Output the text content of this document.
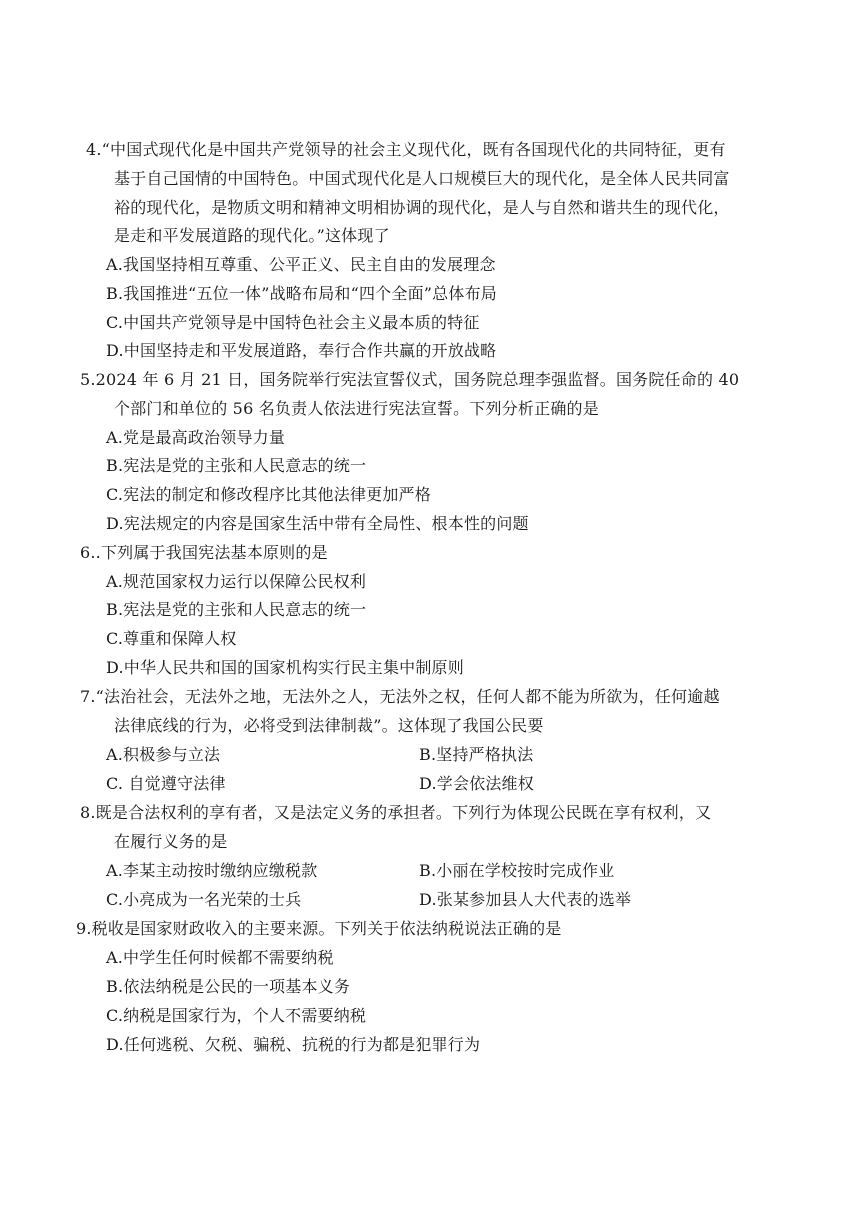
4.“中国式现代化是中国共产党领导的社会主义现代化，既有各国现代化的共同特征，更有
基于自己国情的中国特色。中国式现代化是人口规模巨大的现代化，是全体人民共同富
裕的现代化，是物质文明和精神文明相协调的现代化，是人与自然和谐共生的现代化，
是走和平发展道路的现代化。”这体现了
A.我国坚持相互尊重、公平正义、民主自由的发展理念
B.我国推进“五位一体”战略布局和“四个全面”总体布局
C.中国共产党领导是中国特色社会主义最本质的特征
D.中国坚持走和平发展道路，奉行合作共赢的开放战略
5.2024 年 6 月 21 日，国务院举行宪法宣誓仪式，国务院总理李强监督。国务院任命的 40
个部门和单位的 56 名负责人依法进行宪法宣誓。下列分析正确的是
A.党是最高政治领导力量
B.宪法是党的主张和人民意志的统一
C.宪法的制定和修改程序比其他法律更加严格
D.宪法规定的内容是国家生活中带有全局性、根本性的问题
6..下列属于我国宪法基本原则的是
A.规范国家权力运行以保障公民权利
B.宪法是党的主张和人民意志的统一
C.尊重和保障人权
D.中华人民共和国的国家机构实行民主集中制原则
7.“法治社会，无法外之地，无法外之人，无法外之权，任何人都不能为所欲为，任何逾越
法律底线的行为，必将受到法律制裁”。这体现了我国公民要
A.积极参与立法	B.坚持严格执法
C. 自觉遵守法律	D.学会依法维权
8.既是合法权利的享有者，又是法定义务的承担者。下列行为体现公民既在享有权利，又
在履行义务的是
A.李某主动按时缴纳应缴税款	B.小丽在学校按时完成作业
C.小亮成为一名光荣的士兵	D.张某参加县人大代表的选举
9.税收是国家财政收入的主要来源。下列关于依法纳税说法正确的是
A.中学生任何时候都不需要纳税
B.依法纳税是公民的一项基本义务
C.纳税是国家行为，个人不需要纳税
D.任何逃税、欠税、骗税、抗税的行为都是犯罪行为
